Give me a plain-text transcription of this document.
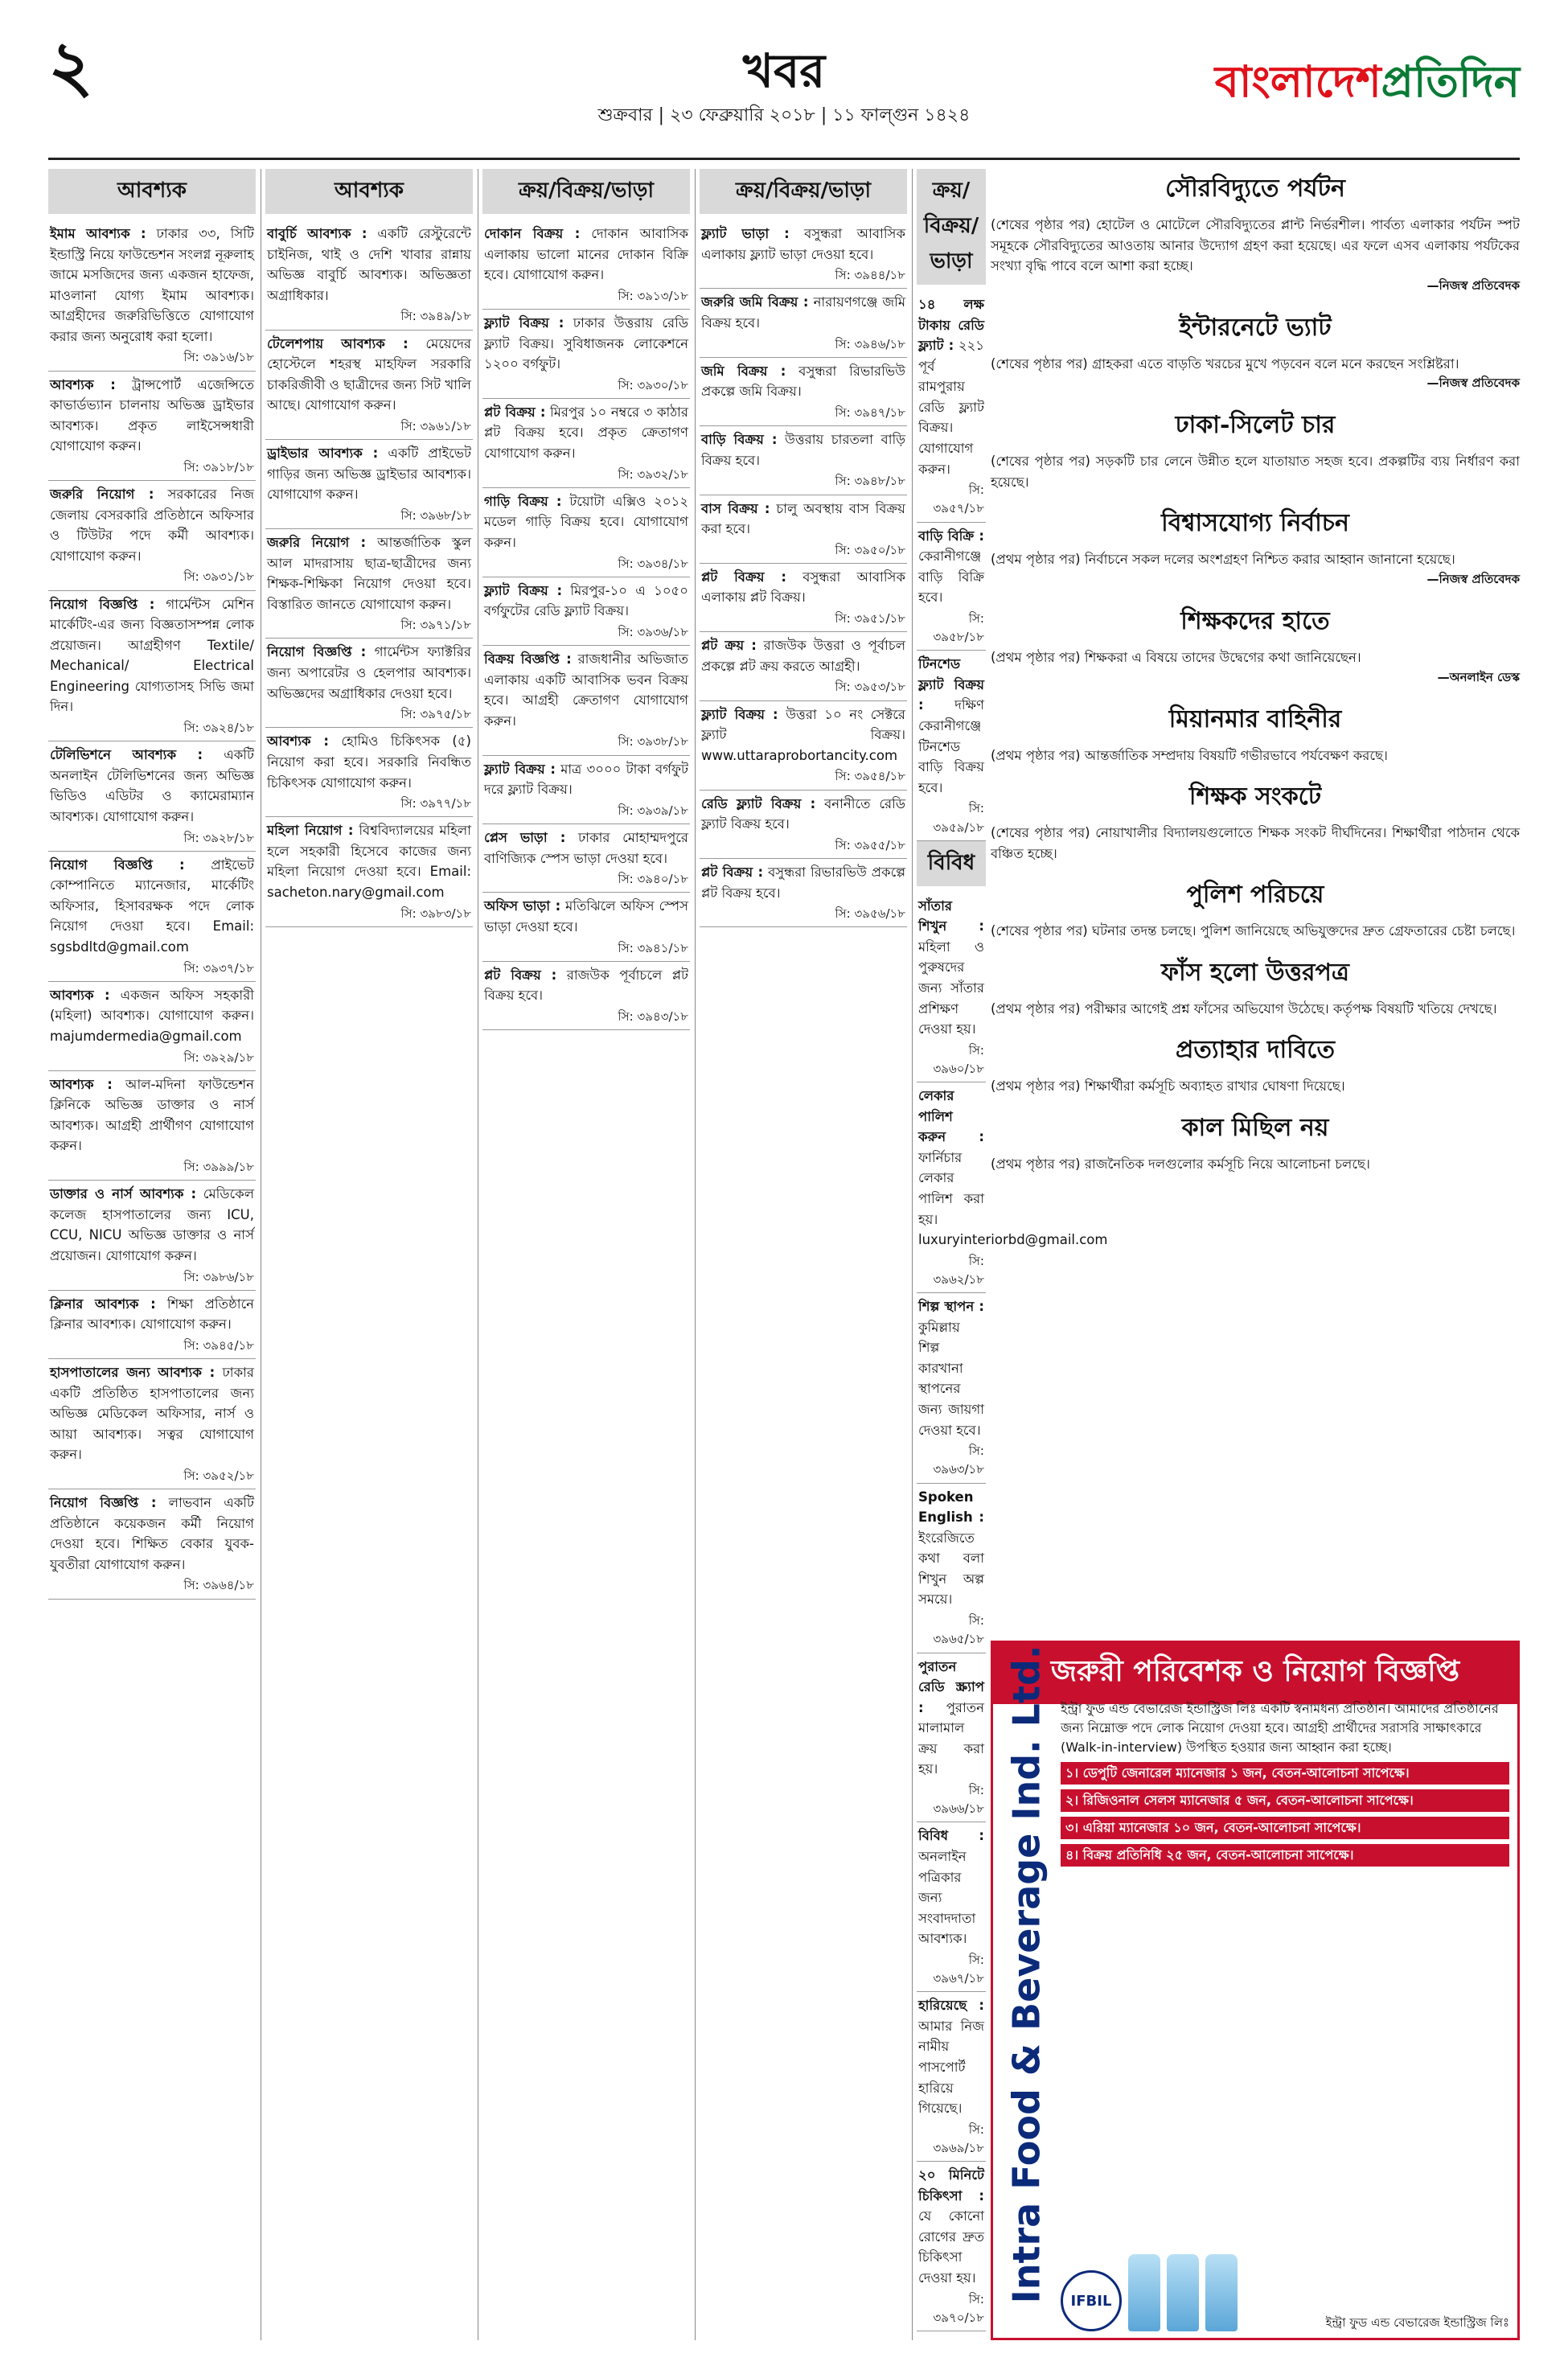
২	খবর
শুক্রবার | ২৩ ফেব্রুয়ারি ২০১৮ | ১১ ফাল্গুন ১৪২৪
বাংলাদেশপ্রতিদিন
আবশ্যক
ইমাম আবশ্যক : ঢাকার ৩৩, সিটি ইন্ডাস্ট্রি নিয়ে ফাউন্ডেশন সংলগ্ন নূরুলাহ জামে মসজিদের জন্য একজন হাফেজ, মাওলানা যোগ্য ইমাম আবশ্যক। আগ্রহীদের জরুরিভিত্তিতে যোগাযোগ করার জন্য অনুরোধ করা হলো।
সি: ৩৯১৬/১৮
আবশ্যক : ট্রান্সপোর্ট এজেন্সিতে কাভার্ডভ্যান চালনায় অভিজ্ঞ ড্রাইভার আবশ্যক। প্রকৃত লাইসেন্সধারী যোগাযোগ করুন।
সি: ৩৯১৮/১৮
জরুরি নিয়োগ : সরকারের নিজ জেলায় বেসরকারি প্রতিষ্ঠানে অফিসার ও টিউটর পদে কর্মী আবশ্যক। যোগাযোগ করুন।
সি: ৩৯৩১/১৮
নিয়োগ বিজ্ঞপ্তি : গার্মেন্টস মেশিন মার্কেটিং-এর জন্য বিজ্ঞতাসম্পন্ন লোক প্রয়োজন। আগ্রহীগণ Textile/ Mechanical/ Electrical Engineering যোগ্যতাসহ সিভি জমা দিন।
সি: ৩৯২৪/১৮
টেলিভিশনে আবশ্যক : একটি অনলাইন টেলিভিশনের জন্য অভিজ্ঞ ভিডিও এডিটর ও ক্যামেরাম্যান আবশ্যক। যোগাযোগ করুন।
সি: ৩৯২৮/১৮
নিয়োগ বিজ্ঞপ্তি : প্রাইভেট কোম্পানিতে ম্যানেজার, মার্কেটিং অফিসার, হিসাবরক্ষক পদে লোক নিয়োগ দেওয়া হবে। Email: sgsbdltd@gmail.com
সি: ৩৯৩৭/১৮
আবশ্যক : একজন অফিস সহকারী (মহিলা) আবশ্যক। যোগাযোগ করুন। majumdermedia@gmail.com
সি: ৩৯২৯/১৮
আবশ্যক : আল-মদিনা ফাউন্ডেশন ক্লিনিকে অভিজ্ঞ ডাক্তার ও নার্স আবশ্যক। আগ্রহী প্রার্থীগণ যোগাযোগ করুন।
সি: ৩৯৯৯/১৮
ডাক্তার ও নার্স আবশ্যক : মেডিকেল কলেজ হাসপাতালের জন্য ICU, CCU, NICU অভিজ্ঞ ডাক্তার ও নার্স প্রয়োজন। যোগাযোগ করুন।
সি: ৩৯৮৬/১৮
ক্লিনার আবশ্যক : শিক্ষা প্রতিষ্ঠানে ক্লিনার আবশ্যক। যোগাযোগ করুন।
সি: ৩৯৪৫/১৮
হাসপাতালের জন্য আবশ্যক : ঢাকার একটি প্রতিষ্ঠিত হাসপাতালের জন্য অভিজ্ঞ মেডিকেল অফিসার, নার্স ও আয়া আবশ্যক। সত্বর যোগাযোগ করুন।
সি: ৩৯৫২/১৮
নিয়োগ বিজ্ঞপ্তি : লাভবান একটি প্রতিষ্ঠানে কয়েকজন কর্মী নিয়োগ দেওয়া হবে। শিক্ষিত বেকার যুবক-যুবতীরা যোগাযোগ করুন।
সি: ৩৯৬৪/১৮
আবশ্যক
বাবুর্চি আবশ্যক : একটি রেস্টুরেন্টে চাইনিজ, থাই ও দেশি খাবার রান্নায় অভিজ্ঞ বাবুর্চি আবশ্যক। অভিজ্ঞতা অগ্রাধিকার।
সি: ৩৯৪৯/১৮
টেলেশপায় আবশ্যক : মেয়েদের হোস্টেলে শহরস্থ মাহফিল সরকারি চাকরিজীবী ও ছাত্রীদের জন্য সিট খালি আছে। যোগাযোগ করুন।
সি: ৩৯৬১/১৮
ড্রাইভার আবশ্যক : একটি প্রাইভেট গাড়ির জন্য অভিজ্ঞ ড্রাইভার আবশ্যক। যোগাযোগ করুন।
সি: ৩৯৬৮/১৮
জরুরি নিয়োগ : আন্তর্জাতিক স্কুল আল মাদরাসায় ছাত্র-ছাত্রীদের জন্য শিক্ষক-শিক্ষিকা নিয়োগ দেওয়া হবে। বিস্তারিত জানতে যোগাযোগ করুন।
সি: ৩৯৭১/১৮
নিয়োগ বিজ্ঞপ্তি : গার্মেন্টস ফ্যাক্টরির জন্য অপারেটর ও হেলপার আবশ্যক। অভিজ্ঞদের অগ্রাধিকার দেওয়া হবে।
সি: ৩৯৭৫/১৮
আবশ্যক : হোমিও চিকিৎসক (৫) নিয়োগ করা হবে। সরকারি নিবন্ধিত চিকিৎসক যোগাযোগ করুন।
সি: ৩৯৭৭/১৮
মহিলা নিয়োগ : বিশ্ববিদ্যালয়ের মহিলা হলে সহকারী হিসেবে কাজের জন্য মহিলা নিয়োগ দেওয়া হবে। Email: sacheton.nary@gmail.com
সি: ৩৯৮৩/১৮
ক্রয়/বিক্রয়/ভাড়া
দোকান বিক্রয় : দোকান আবাসিক এলাকায় ভালো মানের দোকান বিক্রি হবে। যোগাযোগ করুন।
সি: ৩৯১৩/১৮
ফ্ল্যাট বিক্রয় : ঢাকার উত্তরায় রেডি ফ্ল্যাট বিক্রয়। সুবিধাজনক লোকেশনে ১২০০ বর্গফুট।
সি: ৩৯৩০/১৮
প্লট বিক্রয় : মিরপুর ১০ নম্বরে ৩ কাঠার প্লট বিক্রয় হবে। প্রকৃত ক্রেতাগণ যোগাযোগ করুন।
সি: ৩৯৩২/১৮
গাড়ি বিক্রয় : টয়োটা এক্সিও ২০১২ মডেল গাড়ি বিক্রয় হবে। যোগাযোগ করুন।
সি: ৩৯৩৪/১৮
ফ্ল্যাট বিক্রয় : মিরপুর-১০ এ ১০৫০ বর্গফুটের রেডি ফ্ল্যাট বিক্রয়।
সি: ৩৯৩৬/১৮
বিক্রয় বিজ্ঞপ্তি : রাজধানীর অভিজাত এলাকায় একটি আবাসিক ভবন বিক্রয় হবে। আগ্রহী ক্রেতাগণ যোগাযোগ করুন।
সি: ৩৯৩৮/১৮
ফ্ল্যাট বিক্রয় : মাত্র ৩০০০ টাকা বর্গফুট দরে ফ্ল্যাট বিক্রয়।
সি: ৩৯৩৯/১৮
প্লেস ভাড়া : ঢাকার মোহাম্মদপুরে বাণিজ্যিক স্পেস ভাড়া দেওয়া হবে।
সি: ৩৯৪০/১৮
অফিস ভাড়া : মতিঝিলে অফিস স্পেস ভাড়া দেওয়া হবে।
সি: ৩৯৪১/১৮
প্লট বিক্রয় : রাজউক পূর্বাচলে প্লট বিক্রয় হবে।
সি: ৩৯৪৩/১৮
ক্রয়/বিক্রয়/ভাড়া
ফ্ল্যাট ভাড়া : বসুন্ধরা আবাসিক এলাকায় ফ্ল্যাট ভাড়া দেওয়া হবে।
সি: ৩৯৪৪/১৮
জরুরি জমি বিক্রয় : নারায়ণগঞ্জে জমি বিক্রয় হবে।
সি: ৩৯৪৬/১৮
জমি বিক্রয় : বসুন্ধরা রিভারভিউ প্রকল্পে জমি বিক্রয়।
সি: ৩৯৪৭/১৮
বাড়ি বিক্রয় : উত্তরায় চারতলা বাড়ি বিক্রয় হবে।
সি: ৩৯৪৮/১৮
বাস বিক্রয় : চালু অবস্থায় বাস বিক্রয় করা হবে।
সি: ৩৯৫০/১৮
প্লট বিক্রয় : বসুন্ধরা আবাসিক এলাকায় প্লট বিক্রয়।
সি: ৩৯৫১/১৮
প্লট ক্রয় : রাজউক উত্তরা ও পূর্বাচল প্রকল্পে প্লট ক্রয় করতে আগ্রহী।
সি: ৩৯৫৩/১৮
ফ্ল্যাট বিক্রয় : উত্তরা ১০ নং সেক্টরে ফ্ল্যাট বিক্রয়। www.uttaraprobortancity.com
সি: ৩৯৫৪/১৮
রেডি ফ্ল্যাট বিক্রয় : বনানীতে রেডি ফ্ল্যাট বিক্রয় হবে।
সি: ৩৯৫৫/১৮
প্লট বিক্রয় : বসুন্ধরা রিভারভিউ প্রকল্পে প্লট বিক্রয় হবে।
সি: ৩৯৫৬/১৮
ক্রয়/বিক্রয়/ভাড়া
১৪ লক্ষ টাকায় রেডি ফ্ল্যাট : ২২১ পূর্ব রামপুরায় রেডি ফ্ল্যাট বিক্রয়। যোগাযোগ করুন।
সি: ৩৯৫৭/১৮
বাড়ি বিক্রি : কেরানীগঞ্জে বাড়ি বিক্রি হবে।
সি: ৩৯৫৮/১৮
টিনশেড ফ্ল্যাট বিক্রয় : দক্ষিণ কেরানীগঞ্জে টিনশেড বাড়ি বিক্রয় হবে।
সি: ৩৯৫৯/১৮
বিবিধ
সাঁতার শিখুন : মহিলা ও পুরুষদের জন্য সাঁতার প্রশিক্ষণ দেওয়া হয়।
সি: ৩৯৬০/১৮
লেকার পালিশ করুন : ফার্নিচার লেকার পালিশ করা হয়। luxuryinteriorbd@gmail.com
সি: ৩৯৬২/১৮
শিল্প স্থাপন : কুমিল্লায় শিল্প কারখানা স্থাপনের জন্য জায়গা দেওয়া হবে।
সি: ৩৯৬৩/১৮
Spoken English : ইংরেজিতে কথা বলা শিখুন অল্প সময়ে।
সি: ৩৯৬৫/১৮
পুরাতন রেডি স্ক্র্যাপ : পুরাতন মালামাল ক্রয় করা হয়।
সি: ৩৯৬৬/১৮
বিবিধ : অনলাইন পত্রিকার জন্য সংবাদদাতা আবশ্যক।
সি: ৩৯৬৭/১৮
হারিয়েছে : আমার নিজ নামীয় পাসপোর্ট হারিয়ে গিয়েছে।
সি: ৩৯৬৯/১৮
২০ মিনিটে চিকিৎসা : যে কোনো রোগের দ্রুত চিকিৎসা দেওয়া হয়।
সি: ৩৯৭০/১৮
সৌরবিদ্যুতে পর্যটন

(শেষের পৃষ্ঠার পর) হোটেল ও মোটেলে সৌরবিদ্যুতের প্লান্ট নির্ভরশীল। পার্বত্য এলাকার পর্যটন স্পট সমূহকে সৌরবিদ্যুতের আওতায় আনার উদ্যোগ গ্রহণ করা হয়েছে। এর ফলে এসব এলাকায় পর্যটকের সংখ্যা বৃদ্ধি পাবে বলে আশা করা হচ্ছে।

—নিজস্ব প্রতিবেদক
ইন্টারনেটে ভ্যাট

(শেষের পৃষ্ঠার পর) গ্রাহকরা এতে বাড়তি খরচের মুখে পড়বেন বলে মনে করছেন সংশ্লিষ্টরা।

—নিজস্ব প্রতিবেদক
ঢাকা-সিলেট চার

(শেষের পৃষ্ঠার পর) সড়কটি চার লেনে উন্নীত হলে যাতায়াত সহজ হবে। প্রকল্পটির ব্যয় নির্ধারণ করা হয়েছে।

বিশ্বাসযোগ্য নির্বাচন

(প্রথম পৃষ্ঠার পর) নির্বাচনে সকল দলের অংশগ্রহণ নিশ্চিত করার আহ্বান জানানো হয়েছে।

—নিজস্ব প্রতিবেদক
শিক্ষকদের হাতে

(প্রথম পৃষ্ঠার পর) শিক্ষকরা এ বিষয়ে তাদের উদ্বেগের কথা জানিয়েছেন।

—অনলাইন ডেস্ক
মিয়ানমার বাহিনীর

(প্রথম পৃষ্ঠার পর) আন্তর্জাতিক সম্প্রদায় বিষয়টি গভীরভাবে পর্যবেক্ষণ করছে।

শিক্ষক সংকটে

(শেষের পৃষ্ঠার পর) নোয়াখালীর বিদ্যালয়গুলোতে শিক্ষক সংকট দীর্ঘদিনের। শিক্ষার্থীরা পাঠদান থেকে বঞ্চিত হচ্ছে।

পুলিশ পরিচয়ে

(শেষের পৃষ্ঠার পর) ঘটনার তদন্ত চলছে। পুলিশ জানিয়েছে অভিযুক্তদের দ্রুত গ্রেফতারের চেষ্টা চলছে।

ফাঁস হলো উত্তরপত্র

(প্রথম পৃষ্ঠার পর) পরীক্ষার আগেই প্রশ্ন ফাঁসের অভিযোগ উঠেছে। কর্তৃপক্ষ বিষয়টি খতিয়ে দেখছে।

প্রত্যাহার দাবিতে

(প্রথম পৃষ্ঠার পর) শিক্ষার্থীরা কর্মসূচি অব্যাহত রাখার ঘোষণা দিয়েছে।

কাল মিছিল নয়

(প্রথম পৃষ্ঠার পর) রাজনৈতিক দলগুলোর কর্মসূচি নিয়ে আলোচনা চলছে।

জরুরী পরিবেশক ও নিয়োগ বিজ্ঞপ্তি
Intra Food & Beverage Ind. Ltd. ইন্ট্রা ফুড এন্ড বেভারেজ ইন্ডাস্ট্রিজ লিঃ একটি স্বনামধন্য প্রতিষ্ঠান। আমাদের প্রতিষ্ঠানের জন্য নিম্নোক্ত পদে লোক নিয়োগ দেওয়া হবে। আগ্রহী প্রার্থীদের সরাসরি সাক্ষাৎকারে (Walk-in-interview) উপস্থিত হওয়ার জন্য আহ্বান করা হচ্ছে।
১। ডেপুটি জেনারেল ম্যানেজার ১ জন, বেতন-আলোচনা সাপেক্ষে।
২। রিজিওনাল সেলস ম্যানেজার ৫ জন, বেতন-আলোচনা সাপেক্ষে।
৩। এরিয়া ম্যানেজার ১০ জন, বেতন-আলোচনা সাপেক্ষে।
৪। বিক্রয় প্রতিনিধি ২৫ জন, বেতন-আলোচনা সাপেক্ষে।
IFBIL
ইন্ট্রা ফুড এন্ড বেভারেজ ইন্ডাস্ট্রিজ লিঃ
